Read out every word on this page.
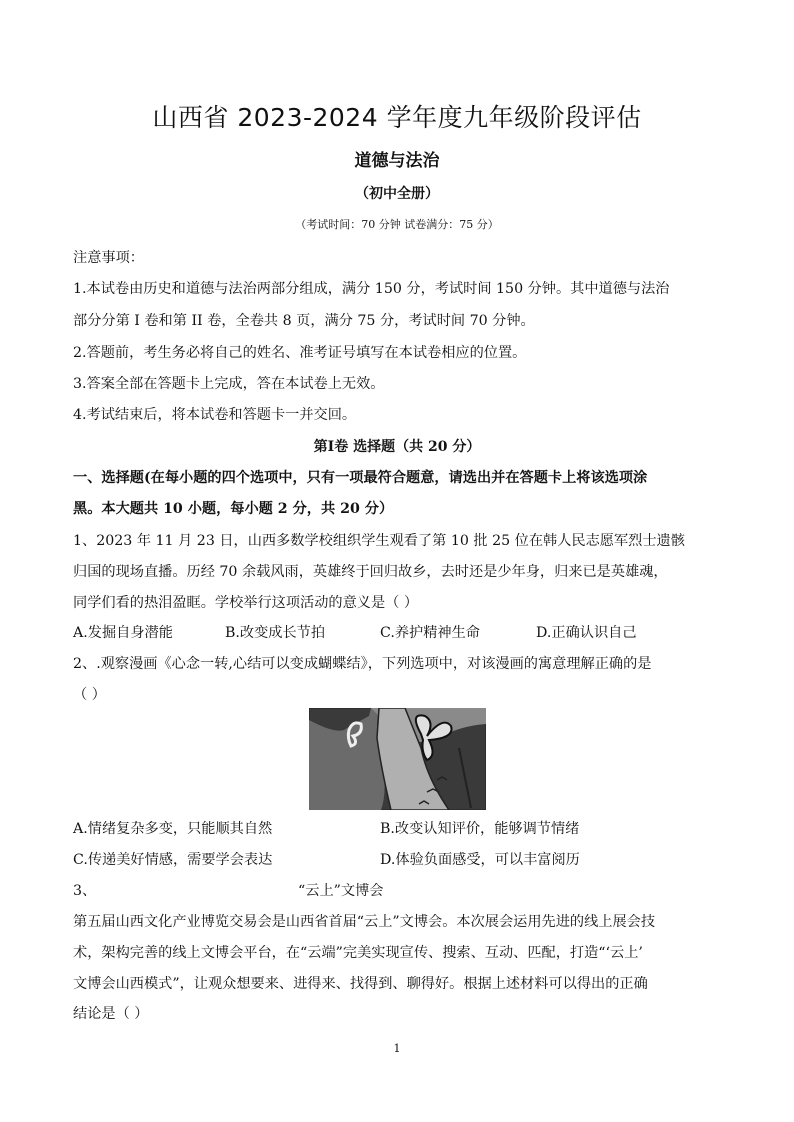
山西省 2023-2024 学年度九年级阶段评估
道德与法治
（初中全册）
（考试时间：70 分钟 试卷满分：75 分）
注意事项：
1.本试卷由历史和道德与法治两部分组成，满分 150 分，考试时间 150 分钟。其中道德与法治
部分分第 I 卷和第 II 卷，全卷共 8 页，满分 75 分，考试时间 70 分钟。
2.答题前，考生务必将自己的姓名、准考证号填写在本试卷相应的位置。
3.答案全部在答题卡上完成，答在本试卷上无效。
4.考试结束后，将本试卷和答题卡一并交回。
第Ⅰ卷 选择题（共 20 分）
一、选择题(在每小题的四个选项中，只有一项最符合题意，请选出并在答题卡上将该选项涂
黑。本大题共 10 小题，每小题 2 分，共 20 分）
1、2023 年 11 月 23 日，山西多数学校组织学生观看了第 10 批 25 位在韩人民志愿军烈士遗骸
归国的现场直播。历经 70 余载风雨，英雄终于回归故乡，去时还是少年身，归来已是英雄魂，
同学们看的热泪盈眶。学校举行这项活动的意义是（ ）
A.发掘自身潜能	B.改变成长节拍	C.养护精神生命	D.正确认识自己
2、.观察漫画《心念一转,心结可以变成蝴蝶结》，下列选项中，对该漫画的寓意理解正确的是
（ ）
A.情绪复杂多变，只能顺其自然	B.改变认知评价，能够调节情绪
C.传递美好情感，需要学会表达	D.体验负面感受，可以丰富阅历
3、	“云上”文博会
第五届山西文化产业博览交易会是山西省首届“云上”文博会。本次展会运用先进的线上展会技
术，架构完善的线上文博会平台，在“云端”完美实现宣传、搜索、互动、匹配，打造“‘云上’
文博会山西模式”，让观众想要来、进得来、找得到、聊得好。根据上述材料可以得出的正确
结论是（ ）
1
